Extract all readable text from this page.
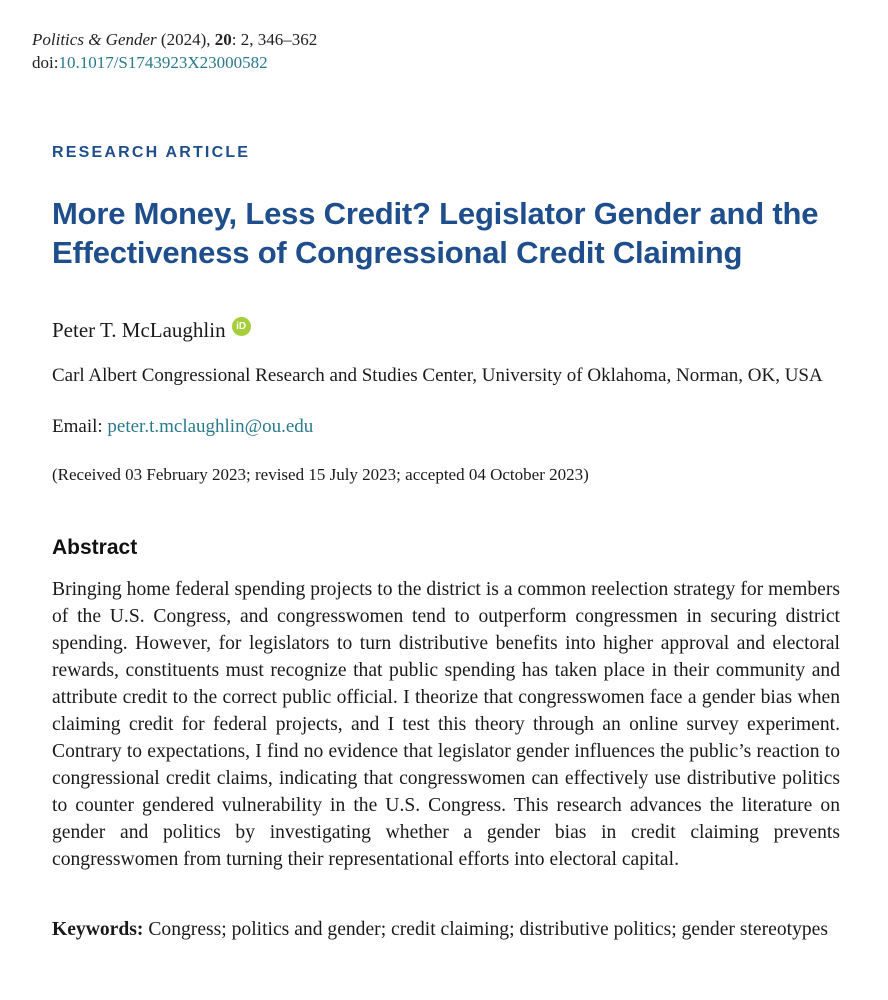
Politics & Gender (2024), 20: 2, 346–362
doi:10.1017/S1743923X23000582
RESEARCH ARTICLE
More Money, Less Credit? Legislator Gender and the Effectiveness of Congressional Credit Claiming
Peter T. McLaughlin	iD
Carl Albert Congressional Research and Studies Center, University of Oklahoma, Norman, OK, USA
Email: peter.t.mclaughlin@ou.edu
(Received 03 February 2023; revised 15 July 2023; accepted 04 October 2023)
Abstract

Bringing home federal spending projects to the district is a common reelection strategy for members of the U.S. Congress, and congresswomen tend to outperform congressmen in securing district spending. However, for legislators to turn distributive benefits into higher approval and electoral rewards, constituents must recognize that public spending has taken place in their community and attribute credit to the correct public official. I theorize that congresswomen face a gender bias when claiming credit for federal projects, and I test this theory through an online survey experiment. Contrary to expectations, I find no evidence that legislator gender influences the public’s reaction to congressional credit claims, indicating that congresswomen can effectively use distributive politics to counter gendered vulnerability in the U.S. Congress. This research advances the literature on gender and politics by investigating whether a gender bias in credit claiming prevents congresswomen from turning their representational efforts into electoral capital.

Keywords: Congress; politics and gender; credit claiming; distributive politics; gender stereotypes
